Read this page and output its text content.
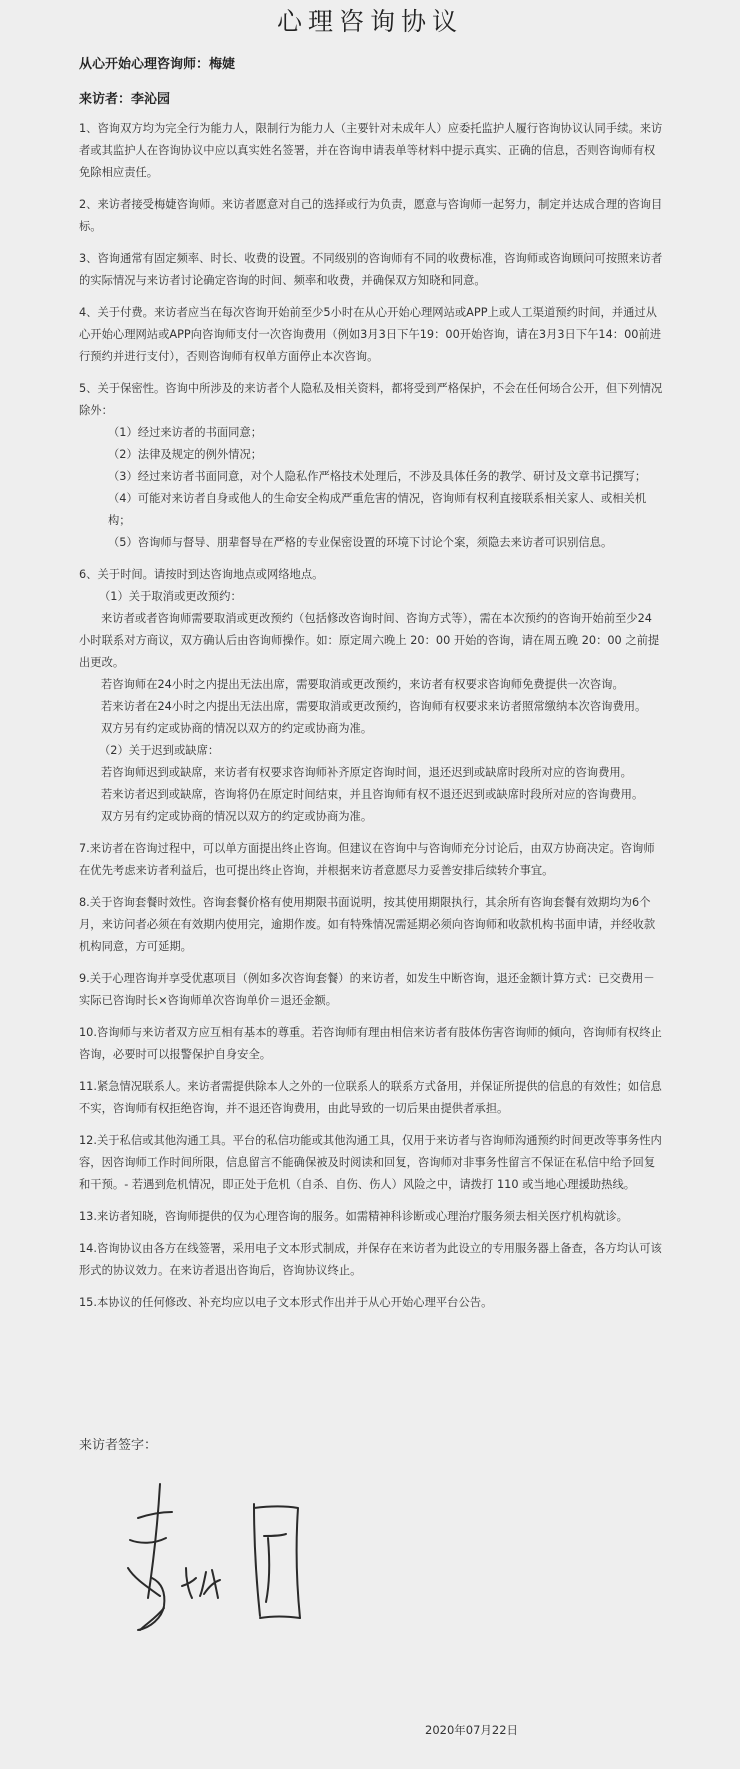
心理咨询协议
从心开始心理咨询师：梅婕
来访者：李沁园

1、咨询双方均为完全行为能力人，限制行为能力人（主要针对未成年人）应委托监护人履行咨询协议认同手续。来访者或其监护人在咨询协议中应以真实姓名签署，并在咨询申请表单等材料中提示真实、正确的信息，否则咨询师有权免除相应责任。

2、来访者接受梅婕咨询师。来访者愿意对自己的选择或行为负责，愿意与咨询师一起努力，制定并达成合理的咨询目标。

3、咨询通常有固定频率、时长、收费的设置。不同级别的咨询师有不同的收费标准，咨询师或咨询顾问可按照来访者的实际情况与来访者讨论确定咨询的时间、频率和收费，并确保双方知晓和同意。

4、关于付费。来访者应当在每次咨询开始前至少5小时在从心开始心理网站或APP上或人工渠道预约时间，并通过从心开始心理网站或APP向咨询师支付一次咨询费用（例如3月3日下午19：00开始咨询，请在3月3日下午14：00前进行预约并进行支付），否则咨询师有权单方面停止本次咨询。

5、关于保密性。咨询中所涉及的来访者个人隐私及相关资料，都将受到严格保护，不会在任何场合公开，但下列情况除外：
（1）经过来访者的书面同意；
（2）法律及规定的例外情况；
（3）经过来访者书面同意，对个人隐私作严格技术处理后，不涉及具体任务的教学、研讨及文章书记撰写；
（4）可能对来访者自身或他人的生命安全构成严重危害的情况，咨询师有权利直接联系相关家人、或相关机构；
（5）咨询师与督导、朋辈督导在严格的专业保密设置的环境下讨论个案，须隐去来访者可识别信息。
6、关于时间。请按时到达咨询地点或网络地点。
（1）关于取消或更改预约：
来访者或者咨询师需要取消或更改预约（包括修改咨询时间、咨询方式等），需在本次预约的咨询开始前至少24小时联系对方商议，双方确认后由咨询师操作。如：原定周六晚上 20：00 开始的咨询，请在周五晚 20：00 之前提出更改。
若咨询师在24小时之内提出无法出席，需要取消或更改预约，来访者有权要求咨询师免费提供一次咨询。
若来访者在24小时之内提出无法出席，需要取消或更改预约，咨询师有权要求来访者照常缴纳本次咨询费用。
双方另有约定或协商的情况以双方的约定或协商为准。
（2）关于迟到或缺席：
若咨询师迟到或缺席，来访者有权要求咨询师补齐原定咨询时间，退还迟到或缺席时段所对应的咨询费用。
若来访者迟到或缺席，咨询将仍在原定时间结束，并且咨询师有权不退还迟到或缺席时段所对应的咨询费用。
双方另有约定或协商的情况以双方的约定或协商为准。

7.来访者在咨询过程中，可以单方面提出终止咨询。但建议在咨询中与咨询师充分讨论后，由双方协商决定。咨询师在优先考虑来访者利益后，也可提出终止咨询，并根据来访者意愿尽力妥善安排后续转介事宜。

8.关于咨询套餐时效性。咨询套餐价格有使用期限书面说明，按其使用期限执行，其余所有咨询套餐有效期均为6个月，来访问者必须在有效期内使用完，逾期作废。如有特殊情况需延期必须向咨询师和收款机构书面申请，并经收款机构同意，方可延期。

9.关于心理咨询并享受优惠项目（例如多次咨询套餐）的来访者，如发生中断咨询，退还金额计算方式：已交费用－实际已咨询时长×咨询师单次咨询单价＝退还金额。

10.咨询师与来访者双方应互相有基本的尊重。若咨询师有理由相信来访者有肢体伤害咨询师的倾向，咨询师有权终止咨询，必要时可以报警保护自身安全。

11.紧急情况联系人。来访者需提供除本人之外的一位联系人的联系方式备用，并保证所提供的信息的有效性；如信息不实，咨询师有权拒绝咨询，并不退还咨询费用，由此导致的一切后果由提供者承担。

12.关于私信或其他沟通工具。平台的私信功能或其他沟通工具，仅用于来访者与咨询师沟通预约时间更改等事务性内容，因咨询师工作时间所限，信息留言不能确保被及时阅读和回复，咨询师对非事务性留言不保证在私信中给予回复和干预。- 若遇到危机情况，即正处于危机（自杀、自伤、伤人）风险之中，请拨打 110 或当地心理援助热线。

13.来访者知晓，咨询师提供的仅为心理咨询的服务。如需精神科诊断或心理治疗服务须去相关医疗机构就诊。

14.咨询协议由各方在线签署，采用电子文本形式制成，并保存在来访者为此设立的专用服务器上备查，各方均认可该形式的协议效力。在来访者退出咨询后，咨询协议终止。

15.本协议的任何修改、补充均应以电子文本形式作出并于从心开始心理平台公告。

来访者签字：
2020年07月22日
